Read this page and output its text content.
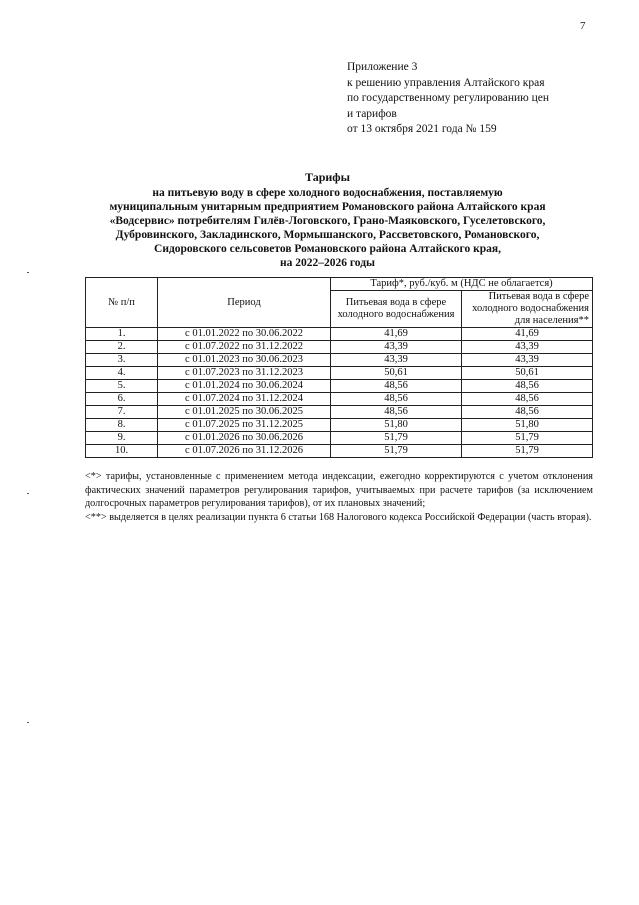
7
Приложение 3
к решению управления Алтайского края
по государственному регулированию цен
и тарифов
от 13 октября 2021 года № 159
Тарифы
на питьевую воду в сфере холодного водоснабжения, поставляемую
муниципальным унитарным предприятием Романовского района Алтайского края
«Водсервис» потребителям Гилёв-Логовского, Грано-Маяковского, Гуселетовского,
Дубровинского, Закладинского, Мормышанского, Рассветовского, Романовского,
Сидоровского сельсоветов Романовского района Алтайского края,
на 2022–2026 годы
№ п/п	Период	Тариф*, руб./куб. м (НДС не облагается)	

		Питьевая вода в сфере
холодного водоснабжения	Питьевая вода в сфере
холодного водоснабжения
для населения**

1.	с 01.01.2022 по 30.06.2022	41,69	41,69
2.	с 01.07.2022 по 31.12.2022	43,39	43,39
3.	с 01.01.2023 по 30.06.2023	43,39	43,39
4.	с 01.07.2023 по 31.12.2023	50,61	50,61
5.	с 01.01.2024 по 30.06.2024	48,56	48,56
6.	с 01.07.2024 по 31.12.2024	48,56	48,56
7.	с 01.01.2025 по 30.06.2025	48,56	48,56
8.	с 01.07.2025 по 31.12.2025	51,80	51,80
9.	с 01.01.2026 по 30.06.2026	51,79	51,79
10.	с 01.07.2026 по 31.12.2026	51,79	51,79

<*> тарифы, установленные с применением метода индексации, ежегодно корректируются с учетом отклонения фактических значений параметров регулирования тарифов, учитываемых при расчете тарифов (за исключением долгосрочных параметров регулирования тарифов), от их плановых значений;

<**> выделяется в целях реализации пункта 6 статьи 168 Налогового кодекса Российской Федерации (часть вторая).
